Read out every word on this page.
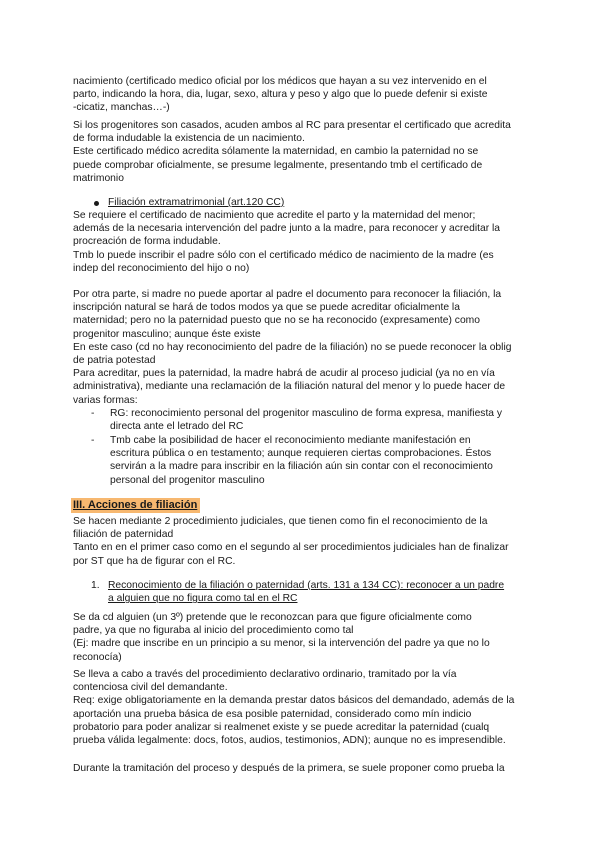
nacimiento (certificado medico oficial por los médicos que hayan a su vez intervenido en el

parto, indicando la hora, dia, lugar, sexo, altura y peso y algo que lo puede defenir si existe

-cicatiz, manchas…-)

Si los progenitores son casados, acuden ambos al RC para presentar el certificado que acredita

de forma indudable la existencia de un nacimiento.

Este certificado médico acredita sólamente la maternidad, en cambio la paternidad no se

puede comprobar oficialmente, se presume legalmente, presentando tmb el certificado de

matrimonio

Filiación extramatrimonial (art.120 CC)

Se requiere el certificado de nacimiento que acredite el parto y la maternidad del menor;

además de la necesaria intervención del padre junto a la madre, para reconocer y acreditar la

procreación de forma indudable.

Tmb lo puede inscribir el padre sólo con el certificado médico de nacimiento de la madre (es

indep del reconocimiento del hijo o no)

Por otra parte, si madre no puede aportar al padre el documento para reconocer la filiación, la

inscripción natural se hará de todos modos ya que se puede acreditar oficialmente la

maternidad; pero no la paternidad puesto que no se ha reconocido (expresamente) como

progenitor masculino; aunque éste existe

En este caso (cd no hay reconocimiento del padre de la filiación) no se puede reconocer la oblig

de patria potestad

Para acreditar, pues la paternidad, la madre habrá de acudir al proceso judicial (ya no en vía

administrativa), mediante una reclamación de la filiación natural del menor y lo puede hacer de

varias formas:

- RG: reconocimiento personal del progenitor masculino de forma expresa, manifiesta y

directa ante el letrado del RC

- Tmb cabe la posibilidad de hacer el reconocimiento mediante manifestación en

escritura pública o en testamento; aunque requieren ciertas comprobaciones. Éstos

servirán a la madre para inscribir en la filiación aún sin contar con el reconocimiento

personal del progenitor masculino

III. Acciones de filiación

Se hacen mediante 2 procedimiento judiciales, que tienen como fin el reconocimiento de la

filiación de paternidad

Tanto en en el primer caso como en el segundo al ser procedimientos judiciales han de finalizar

por ST que ha de figurar con el RC.

1. Reconocimiento de la filiación o paternidad (arts. 131 a 134 CC): reconocer a un padre

a alguien que no figura como tal en el RC

Se da cd alguien (un 3º) pretende que le reconozcan para que figure oficialmente como

padre, ya que no figuraba al inicio del procedimiento como tal

(Ej: madre que inscribe en un principio a su menor, si la intervención del padre ya que no lo

reconocía)

Se lleva a cabo a través del procedimiento declarativo ordinario, tramitado por la vía

contenciosa civil del demandante.

Req: exige obligatoriamente en la demanda prestar datos básicos del demandado, además de la

aportación una prueba básica de esa posible paternidad, considerado como mín indicio

probatorio para poder analizar si realmenet existe y se puede acreditar la paternidad (cualq

prueba válida legalmente: docs, fotos, audios, testimonios, ADN); aunque no es impresendible.

Durante la tramitación del proceso y después de la primera, se suele proponer como prueba la
